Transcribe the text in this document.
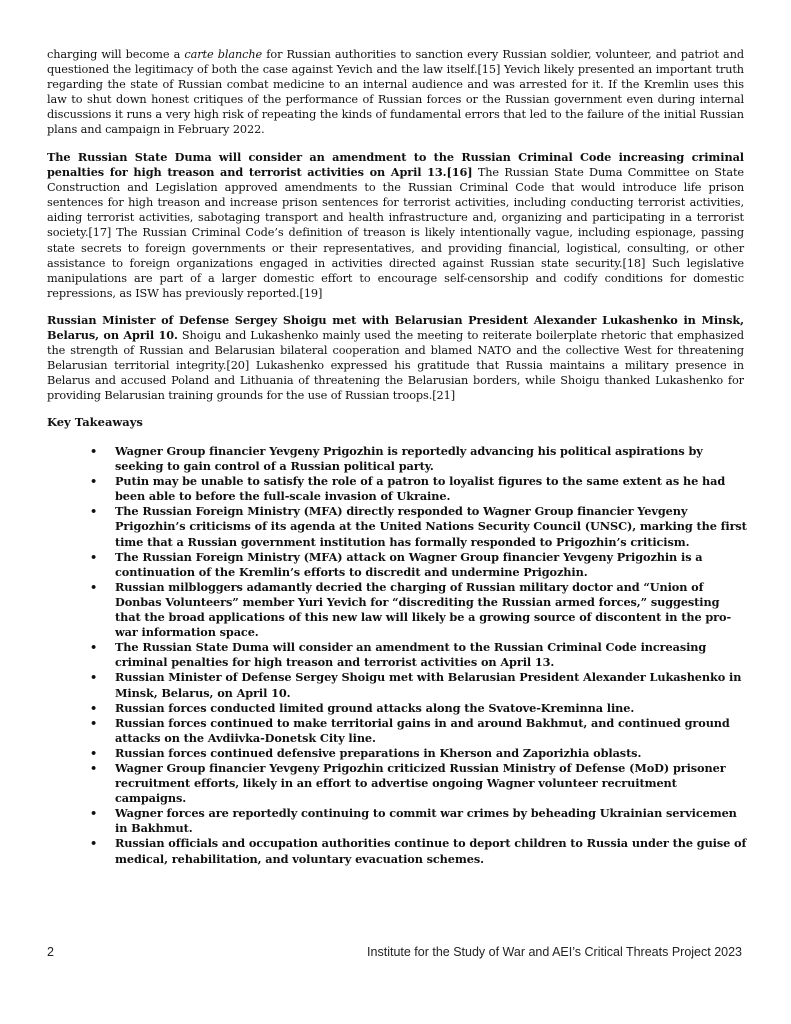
charging will become a carte blanche for Russian authorities to sanction every Russian soldier, volunteer, and patriot and questioned the legitimacy of both the case against Yevich and the law itself.[15] Yevich likely presented an important truth regarding the state of Russian combat medicine to an internal audience and was arrested for it. If the Kremlin uses this law to shut down honest critiques of the performance of Russian forces or the Russian government even during internal discussions it runs a very high risk of repeating the kinds of fundamental errors that led to the failure of the initial Russian plans and campaign in February 2022.

The Russian State Duma will consider an amendment to the Russian Criminal Code increasing criminal penalties for high treason and terrorist activities on April 13.[16] The Russian State Duma Committee on State Construction and Legislation approved amendments to the Russian Criminal Code that would introduce life prison sentences for high treason and increase prison sentences for terrorist activities, including conducting terrorist activities, aiding terrorist activities, sabotaging transport and health infrastructure and, organizing and participating in a terrorist society.[17] The Russian Criminal Code’s definition of treason is likely intentionally vague, including espionage, passing state secrets to foreign governments or their representatives, and providing financial, logistical, consulting, or other assistance to foreign organizations engaged in activities directed against Russian state security.[18] Such legislative manipulations are part of a larger domestic effort to encourage self-censorship and codify conditions for domestic repressions, as ISW has previously reported.[19]

Russian Minister of Defense Sergey Shoigu met with Belarusian President Alexander Lukashenko in Minsk, Belarus, on April 10. Shoigu and Lukashenko mainly used the meeting to reiterate boilerplate rhetoric that emphasized the strength of Russian and Belarusian bilateral cooperation and blamed NATO and the collective West for threatening Belarusian territorial integrity.[20] Lukashenko expressed his gratitude that Russia maintains a military presence in Belarus and accused Poland and Lithuania of threatening the Belarusian borders, while Shoigu thanked Lukashenko for providing Belarusian training grounds for the use of Russian troops.[21]

Key Takeaways
• Wagner Group financier Yevgeny Prigozhin is reportedly advancing his political aspirations by seeking to gain control of a Russian political party.
• Putin may be unable to satisfy the role of a patron to loyalist figures to the same extent as he had been able to before the full-scale invasion of Ukraine.
• The Russian Foreign Ministry (MFA) directly responded to Wagner Group financier Yevgeny Prigozhin’s criticisms of its agenda at the United Nations Security Council (UNSC), marking the first time that a Russian government institution has formally responded to Prigozhin’s criticism.
• The Russian Foreign Ministry (MFA) attack on Wagner Group financier Yevgeny Prigozhin is a continuation of the Kremlin’s efforts to discredit and undermine Prigozhin.
• Russian milbloggers adamantly decried the charging of Russian military doctor and “Union of Donbas Volunteers” member Yuri Yevich for “discrediting the Russian armed forces,” suggesting that the broad applications of this new law will likely be a growing source of discontent in the pro-war information space.
• The Russian State Duma will consider an amendment to the Russian Criminal Code increasing criminal penalties for high treason and terrorist activities on April 13.
• Russian Minister of Defense Sergey Shoigu met with Belarusian President Alexander Lukashenko in Minsk, Belarus, on April 10.
• Russian forces conducted limited ground attacks along the Svatove-Kreminna line.
• Russian forces continued to make territorial gains in and around Bakhmut, and continued ground attacks on the Avdiivka-Donetsk City line.
• Russian forces continued defensive preparations in Kherson and Zaporizhia oblasts.
• Wagner Group financier Yevgeny Prigozhin criticized Russian Ministry of Defense (MoD) prisoner recruitment efforts, likely in an effort to advertise ongoing Wagner volunteer recruitment campaigns.
• Wagner forces are reportedly continuing to commit war crimes by beheading Ukrainian servicemen in Bakhmut.
• Russian officials and occupation authorities continue to deport children to Russia under the guise of medical, rehabilitation, and voluntary evacuation schemes.
2	Institute for the Study of War and AEI’s Critical Threats Project 2023
